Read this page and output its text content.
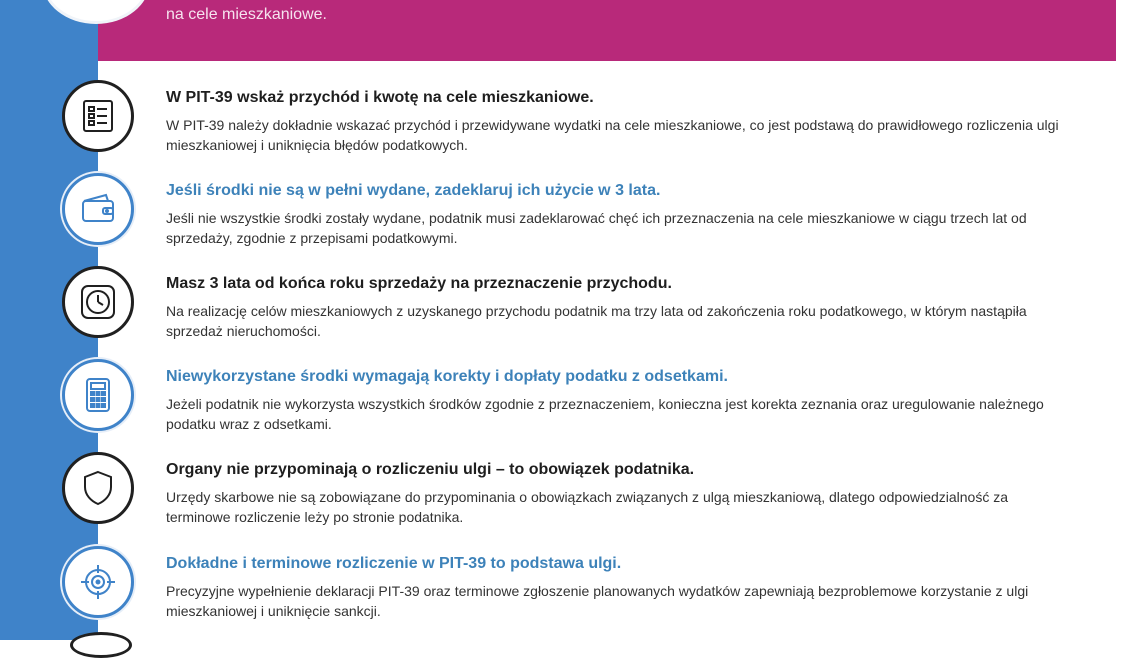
na cele mieszkaniowe.

W PIT-39 wskaż przychód i kwotę na cele mieszkaniowe.

W PIT-39 należy dokładnie wskazać przychód i przewidywane wydatki na cele mieszkaniowe, co jest podstawą do prawidłowego rozliczenia ulgi mieszkaniowej i uniknięcia błędów podatkowych.

Jeśli środki nie są w pełni wydane, zadeklaruj ich użycie w 3 lata.

Jeśli nie wszystkie środki zostały wydane, podatnik musi zadeklarować chęć ich przeznaczenia na cele mieszkaniowe w ciągu trzech lat od sprzedaży, zgodnie z przepisami podatkowymi.

Masz 3 lata od końca roku sprzedaży na przeznaczenie przychodu.

Na realizację celów mieszkaniowych z uzyskanego przychodu podatnik ma trzy lata od zakończenia roku podatkowego, w którym nastąpiła sprzedaż nieruchomości.

Niewykorzystane środki wymagają korekty i dopłaty podatku z odsetkami.

Jeżeli podatnik nie wykorzysta wszystkich środków zgodnie z przeznaczeniem, konieczna jest korekta zeznania oraz uregulowanie należnego podatku wraz z odsetkami.

Organy nie przypominają o rozliczeniu ulgi – to obowiązek podatnika.

Urzędy skarbowe nie są zobowiązane do przypominania o obowiązkach związanych z ulgą mieszkaniową, dlatego odpowiedzialność za terminowe rozliczenie leży po stronie podatnika.

Dokładne i terminowe rozliczenie w PIT-39 to podstawa ulgi.

Precyzyjne wypełnienie deklaracji PIT-39 oraz terminowe zgłoszenie planowanych wydatków zapewniają bezproblemowe korzystanie z ulgi mieszkaniowej i uniknięcie sankcji.
